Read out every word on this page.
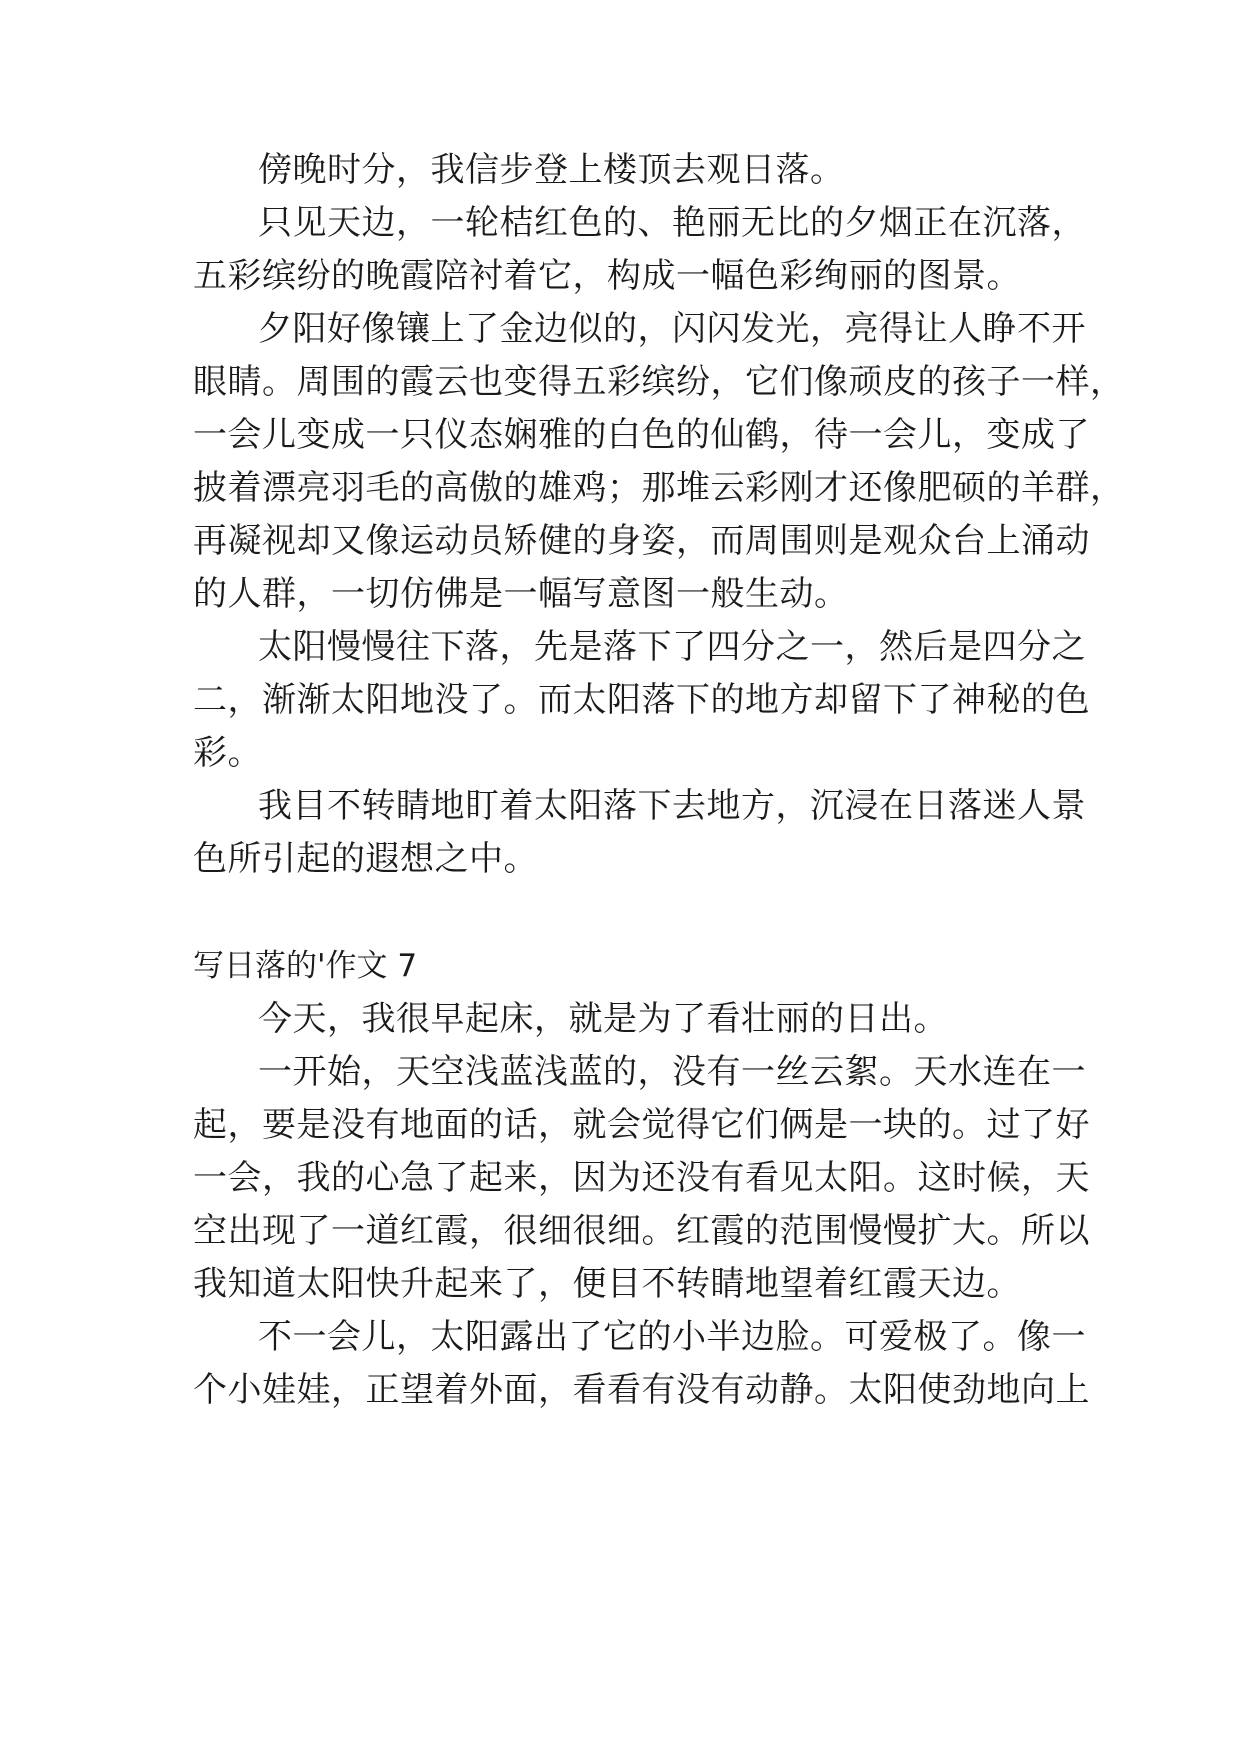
傍晚时分，我信步登上楼顶去观日落。
只见天边，一轮桔红色的、艳丽无比的夕烟正在沉落，
五彩缤纷的晚霞陪衬着它，构成一幅色彩绚丽的图景。
夕阳好像镶上了金边似的，闪闪发光，亮得让人睁不开
眼睛。周围的霞云也变得五彩缤纷，它们像顽皮的孩子一样，
一会儿变成一只仪态娴雅的白色的仙鹤，待一会儿，变成了
披着漂亮羽毛的高傲的雄鸡；那堆云彩刚才还像肥硕的羊群，
再凝视却又像运动员矫健的身姿，而周围则是观众台上涌动
的人群，一切仿佛是一幅写意图一般生动。
太阳慢慢往下落，先是落下了四分之一，然后是四分之
二，渐渐太阳地没了。而太阳落下的地方却留下了神秘的色
彩。
我目不转睛地盯着太阳落下去地方，沉浸在日落迷人景
色所引起的遐想之中。
写日落的'作文 7
今天，我很早起床，就是为了看壮丽的日出。
一开始，天空浅蓝浅蓝的，没有一丝云絮。天水连在一
起，要是没有地面的话，就会觉得它们俩是一块的。过了好
一会，我的心急了起来，因为还没有看见太阳。这时候，天
空出现了一道红霞，很细很细。红霞的范围慢慢扩大。所以
我知道太阳快升起来了，便目不转睛地望着红霞天边。
不一会儿，太阳露出了它的小半边脸。可爱极了。像一
个小娃娃，正望着外面，看看有没有动静。太阳使劲地向上
